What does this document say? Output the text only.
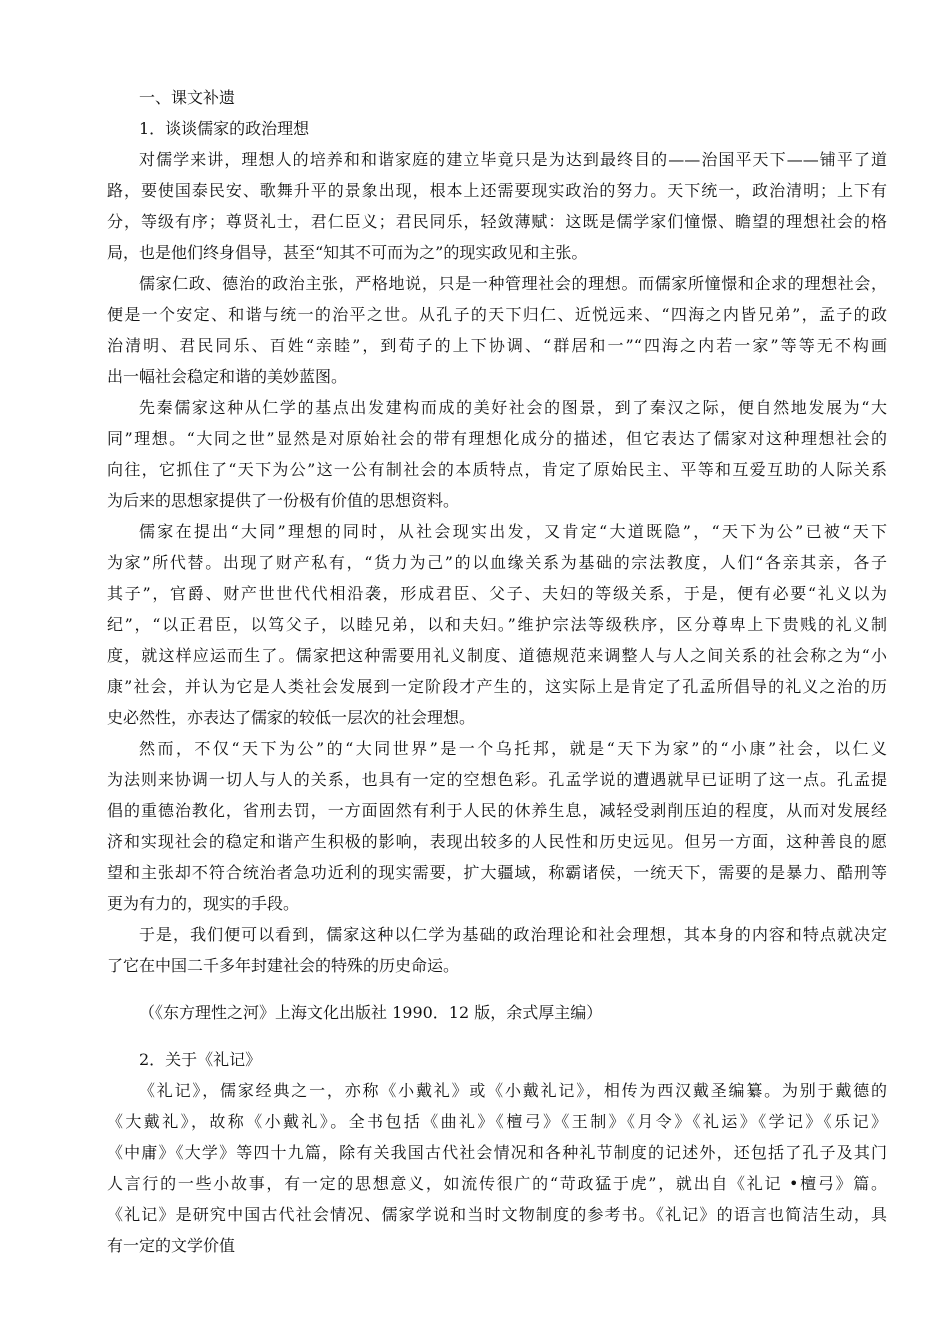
一、课文补遗

1．谈谈儒家的政治理想

对儒学来讲，理想人的培养和和谐家庭的建立毕竟只是为达到最终目的——治国平天下——铺平了道

路，要使国泰民安、歌舞升平的景象出现，根本上还需要现实政治的努力。天下统一，政治清明；上下有

分，等级有序；尊贤礼士，君仁臣义；君民同乐，轻敛薄赋：这既是儒学家们憧憬、瞻望的理想社会的格

局，也是他们终身倡导，甚至“知其不可而为之”的现实政见和主张。

儒家仁政、德治的政治主张，严格地说，只是一种管理社会的理想。而儒家所憧憬和企求的理想社会，

便是一个安定、和谐与统一的治平之世。从孔子的天下归仁、近悦远来、“四海之内皆兄弟”，孟子的政

治清明、君民同乐、百姓“亲睦”，到荀子的上下协调、“群居和一”“四海之内若一家”等等无不构画

出一幅社会稳定和谐的美妙蓝图。

先秦儒家这种从仁学的基点出发建构而成的美好社会的图景，到了秦汉之际，便自然地发展为“大

同”理想。“大同之世”显然是对原始社会的带有理想化成分的描述，但它表达了儒家对这种理想社会的

向往，它抓住了“天下为公”这一公有制社会的本质特点，肯定了原始民主、平等和互爱互助的人际关系

为后来的思想家提供了一份极有价值的思想资料。

儒家在提出“大同”理想的同时，从社会现实出发，又肯定“大道既隐”，“天下为公”已被“天下

为家”所代替。出现了财产私有，“货力为己”的以血缘关系为基础的宗法教度，人们“各亲其亲，各子

其子”，官爵、财产世世代代相沿袭，形成君臣、父子、夫妇的等级关系，于是，便有必要“礼义以为

纪”，“以正君臣，以笃父子，以睦兄弟，以和夫妇。”维护宗法等级秩序，区分尊卑上下贵贱的礼义制

度，就这样应运而生了。儒家把这种需要用礼义制度、道德规范来调整人与人之间关系的社会称之为“小

康”社会，并认为它是人类社会发展到一定阶段才产生的，这实际上是肯定了孔孟所倡导的礼义之治的历

史必然性，亦表达了儒家的较低一层次的社会理想。

然而，不仅“天下为公”的“大同世界”是一个乌托邦，就是“天下为家”的“小康”社会，以仁义

为法则来协调一切人与人的关系，也具有一定的空想色彩。孔孟学说的遭遇就早已证明了这一点。孔孟提

倡的重德治教化，省刑去罚，一方面固然有利于人民的休养生息，减轻受剥削压迫的程度，从而对发展经

济和实现社会的稳定和谐产生积极的影响，表现出较多的人民性和历史远见。但另一方面，这种善良的愿

望和主张却不符合统治者急功近利的现实需要，扩大疆域，称霸诸侯，一统天下，需要的是暴力、酷刑等

更为有力的，现实的手段。

于是，我们便可以看到，儒家这种以仁学为基础的政治理论和社会理想，其本身的内容和特点就决定

了它在中国二千多年封建社会的特殊的历史命运。

（《东方理性之河》上海文化出版社 1990．12 版，余式厚主编）

2．关于《礼记》

《礼记》，儒家经典之一，亦称《小戴礼》或《小戴礼记》，相传为西汉戴圣编纂。为别于戴德的

《大戴礼》，故称《小戴礼》。全书包括《曲礼》《檀弓》《王制》《月令》《礼运》《学记》《乐记》

《中庸》《大学》等四十九篇，除有关我国古代社会情况和各种礼节制度的记述外，还包括了孔子及其门

人言行的一些小故事，有一定的思想意义，如流传很广的“苛政猛于虎”，就出自《礼记 •檀弓》篇。

《礼记》是研究中国古代社会情况、儒家学说和当时文物制度的参考书。《礼记》的语言也简洁生动，具

有一定的文学价值
